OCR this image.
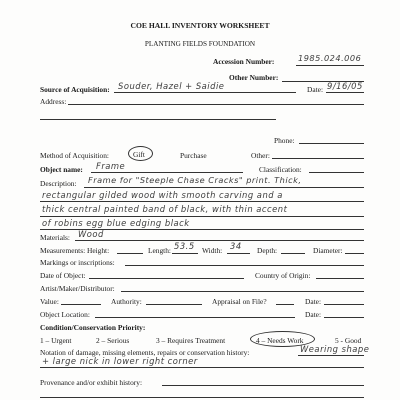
COE HALL INVENTORY WORKSHEET
PLANTING FIELDS FOUNDATION
Accession Number:	1985.024.006
Other Number:
Source of Acquisition: Souder, Hazel + Saidie	Date: 9/16/05
Address:
Phone:
Method of Acquisition:	Gift	Purchase	Other:
Object name: Frame	Classification:
Description: Frame for "Steeple Chase Cracks" print. Thick,
rectangular gilded wood with smooth carving and a
thick central painted band of black, with thin accent
of robins egg blue edging black
Materials: Wood
Measurements: Height:	Length: 53.5 Width: 34 Depth:	Diameter:
Markings or inscriptions:
Date of Object:	Country of Origin:
Artist/Maker/Distributor:
Value:	Authority:	Appraisal on File?	Date:
Object Location:	Date:
Condition/Conservation Priority:
1 – Urgent	2 – Serious	3 – Requires Treatment	4 – Needs Work	5 - Good
Notation of damage, missing elements, repairs or conservation history:	Wearing shape
+ large nick in lower right corner
Provenance and/or exhibit history:
